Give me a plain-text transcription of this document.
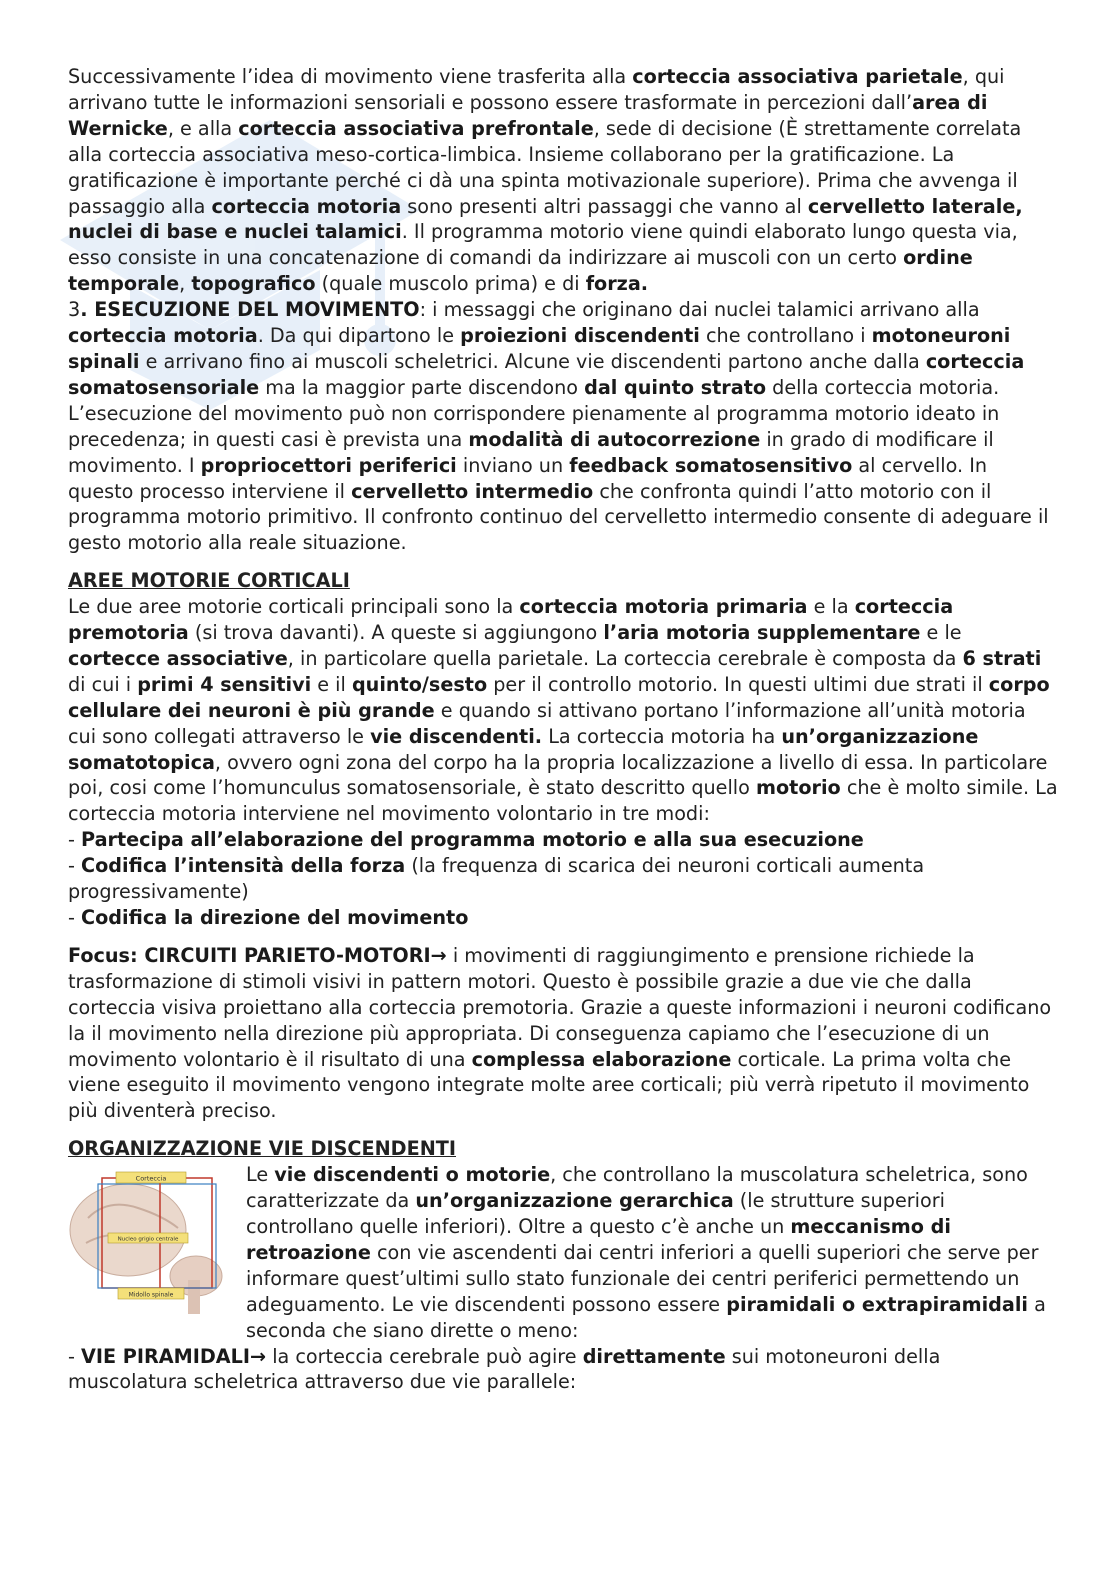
Successivamente l’idea di movimento viene trasferita alla corteccia associativa parietale, qui arrivano tutte le informazioni sensoriali e possono essere trasformate in percezioni dall’area di Wernicke, e alla corteccia associativa prefrontale, sede di decisione (È strettamente correlata alla corteccia associativa meso-cortica-limbica. Insieme collaborano per la gratificazione. La gratificazione è importante perché ci dà una spinta motivazionale superiore). Prima che avvenga il passaggio alla corteccia motoria sono presenti altri passaggi che vanno al cervelletto laterale, nuclei di base e nuclei talamici. Il programma motorio viene quindi elaborato lungo questa via, esso consiste in una concatenazione di comandi da indirizzare ai muscoli con un certo ordine temporale, topografico (quale muscolo prima) e di forza.

3. ESECUZIONE DEL MOVIMENTO: i messaggi che originano dai nuclei talamici arrivano alla corteccia motoria. Da qui dipartono le proiezioni discendenti che controllano i motoneuroni spinali e arrivano fino ai muscoli scheletrici. Alcune vie discendenti partono anche dalla corteccia somatosensoriale ma la maggior parte discendono dal quinto strato della corteccia motoria. L’esecuzione del movimento può non corrispondere pienamente al programma motorio ideato in precedenza; in questi casi è prevista una modalità di autocorrezione in grado di modificare il movimento. I propriocettori periferici inviano un feedback somatosensitivo al cervello. In questo processo interviene il cervelletto intermedio che confronta quindi l’atto motorio con il programma motorio primitivo. Il confronto continuo del cervelletto intermedio consente di adeguare il gesto motorio alla reale situazione.

AREE MOTORIE CORTICALI

Le due aree motorie corticali principali sono la corteccia motoria primaria e la corteccia premotoria (si trova davanti). A queste si aggiungono l’aria motoria supplementare e le cortecce associative, in particolare quella parietale. La corteccia cerebrale è composta da 6 strati di cui i primi 4 sensitivi e il quinto/sesto per il controllo motorio. In questi ultimi due strati il corpo cellulare dei neuroni è più grande e quando si attivano portano l’informazione all’unità motoria cui sono collegati attraverso le vie discendenti. La corteccia motoria ha un’organizzazione somatotopica, ovvero ogni zona del corpo ha la propria localizzazione a livello di essa. In particolare poi, cosi come l’homunculus somatosensoriale, è stato descritto quello motorio che è molto simile. La corteccia motoria interviene nel movimento volontario in tre modi:

- Partecipa all’elaborazione del programma motorio e alla sua esecuzione

- Codifica l’intensità della forza (la frequenza di scarica dei neuroni corticali aumenta progressivamente)

- Codifica la direzione del movimento

Focus: CIRCUITI PARIETO-MOTORI→ i movimenti di raggiungimento e prensione richiede la trasformazione di stimoli visivi in pattern motori. Questo è possibile grazie a due vie che dalla corteccia visiva proiettano alla corteccia premotoria. Grazie a queste informazioni i neuroni codificano la il movimento nella direzione più appropriata. Di conseguenza capiamo che l’esecuzione di un movimento volontario è il risultato di una complessa elaborazione corticale. La prima volta che viene eseguito il movimento vengono integrate molte aree corticali; più verrà ripetuto il movimento più diventerà preciso.

ORGANIZZAZIONE VIE DISCENDENTI

Corteccia
Nucleo grigio centrale
Midollo spinale

Le vie discendenti o motorie, che controllano la muscolatura scheletrica, sono caratterizzate da un’organizzazione gerarchica (le strutture superiori controllano quelle inferiori). Oltre a questo c’è anche un meccanismo di retroazione con vie ascendenti dai centri inferiori a quelli superiori che serve per informare quest’ultimi sullo stato funzionale dei centri periferici permettendo un adeguamento. Le vie discendenti possono essere piramidali o extrapiramidali a seconda che siano dirette o meno:

- VIE PIRAMIDALI→ la corteccia cerebrale può agire direttamente sui motoneuroni della muscolatura scheletrica attraverso due vie parallele:
